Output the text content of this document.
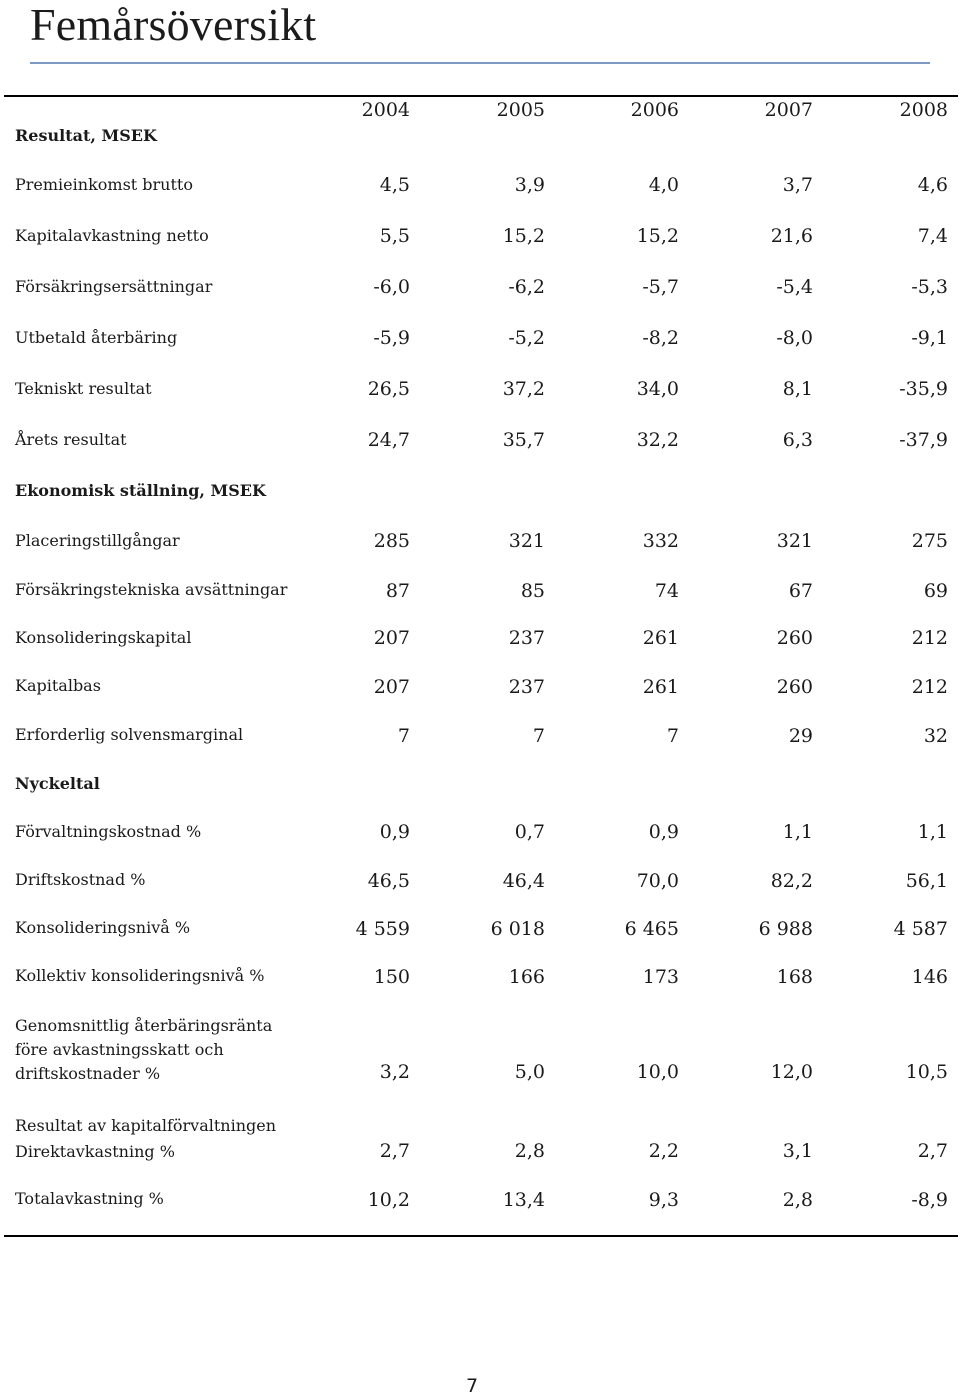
Femårsöversikt
2004	2005	2006	2007	2008
Resultat, MSEK
Premieinkomst brutto	4,5	3,9	4,0	3,7	4,6
Kapitalavkastning netto	5,5	15,2	15,2	21,6	7,4
Försäkringsersättningar	-6,0	-6,2	-5,7	-5,4	-5,3
Utbetald återbäring	-5,9	-5,2	-8,2	-8,0	-9,1
Tekniskt resultat	26,5	37,2	34,0	8,1	-35,9
Årets resultat	24,7	35,7	32,2	6,3	-37,9
Ekonomisk ställning, MSEK
Placeringstillgångar	285	321	332	321	275
Försäkringstekniska avsättningar	87	85	74	67	69
Konsolideringskapital	207	237	261	260	212
Kapitalbas	207	237	261	260	212
Erforderlig solvensmarginal	7	7	7	29	32
Nyckeltal
Förvaltningskostnad %	0,9	0,7	0,9	1,1	1,1
Driftskostnad %	46,5	46,4	70,0	82,2	56,1
Konsolideringsnivå %	4 559	6 018	6 465	6 988	4 587
Kollektiv konsolideringsnivå %	150	166	173	168	146
Genomsnittlig återbäringsränta
före avkastningsskatt och
driftskostnader %	3,2	5,0	10,0	12,0	10,5
Resultat av kapitalförvaltningen
Direktavkastning %	2,7	2,8	2,2	3,1	2,7
Totalavkastning %	10,2	13,4	9,3	2,8	-8,9
7
